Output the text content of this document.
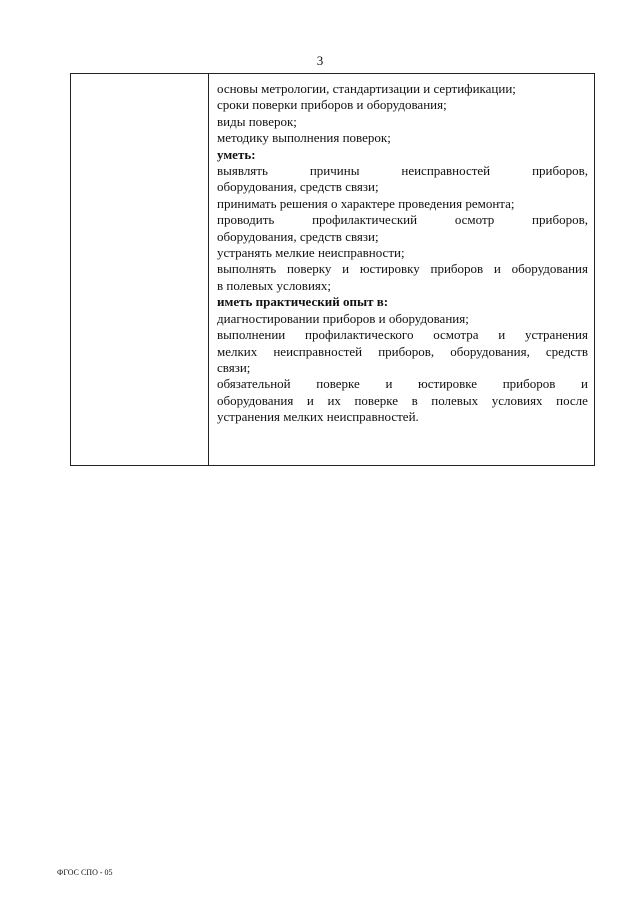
3

основы метрологии, стандартизации и сертификации;
сроки поверки приборов и оборудования;
виды поверок;
методику выполнения поверок;
уметь:
выявлять	причины	неисправностей	приборов,
оборудования, средств связи;
принимать решения о характере проведения ремонта;
проводить	профилактический	осмотр	приборов,
оборудования, средств связи;
устранять мелкие неисправности;
выполнять поверку и юстировку приборов и оборудования
в полевых условиях;
иметь практический опыт в:
диагностировании приборов и оборудования;
выполнении профилактического осмотра и устранения
мелких неисправностей приборов, оборудования, средств
связи;
обязательной поверке и юстировке приборов и
оборудования и их поверке в полевых условиях после
устранения мелких неисправностей.
ФГОС СПО - 05
